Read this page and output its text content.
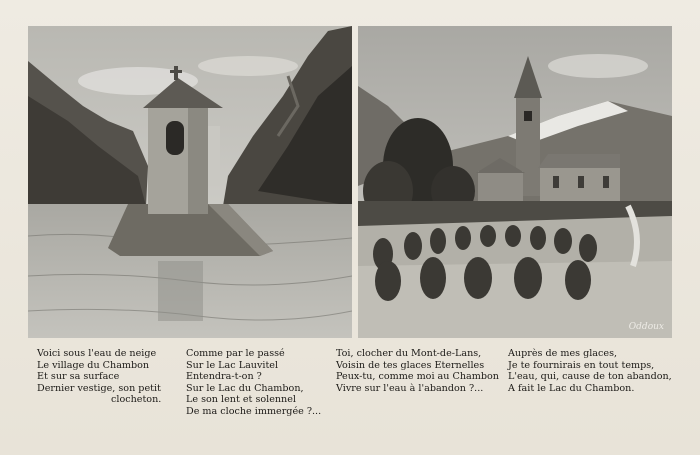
Oddoux
Voici sous l'eau de neige
Le village du Chambon
Et sur sa surface
Dernier vestige, son petit
clocheton.
Comme par le passé
Sur le Lac Lauvitel
Entendra-t-on ?
Sur le Lac du Chambon,
Le son lent et solennel
De ma cloche immergée ?...
Toi, clocher du Mont-de-Lans,
Voisin de tes glaces Eternelles
Peux-tu, comme moi au Chambon
Vivre sur l'eau à l'abandon ?...
Auprès de mes glaces,
Je te fournirais en tout temps,
L'eau, qui, cause de ton abandon,
A fait le Lac du Chambon.
